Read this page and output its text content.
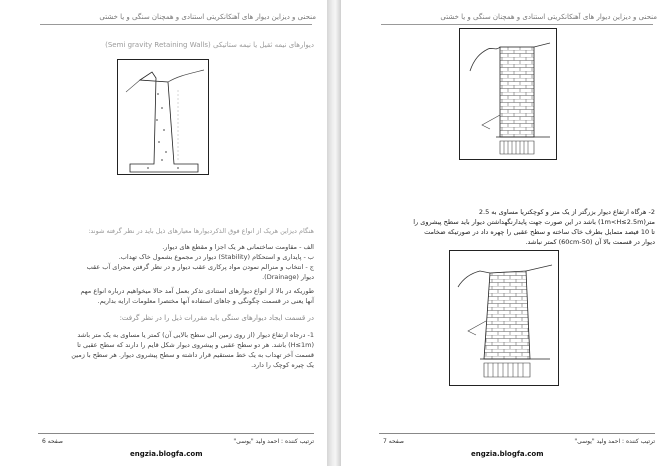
منحنی و دیزاین دیوار های آهنکانکریتی استنادی و همچنان سنگی و یا خشتی
دیوارهای نیمه ثقیل یا نیمه ستاتیکی (Semi gravity Retaining Walls)

هنگام دیزاین هریک از انواع فوق الذکردیوارها معیارهای ذیل باید در نظر گرفته شوند:

الف - مقاومت ساختمانی هر یک اجزا و مقطع های دیوار.

ب - پایداری و استحکام (Stability) دیوار در مجموع بشمول خاک تهداب.

ج - انتخاب و منرالم نمودن مواد پرکاری عقب دیوار و در نظر گرفتن مجرای آب عقب

دیوار (Drainage).

طوریکه در بالا از انواع دیوارهای استنادی تذکر بعمل آمد حالا میخواهیم درباره انواع مهم

آنها یعنی در قسمت چگونگی و جاهای استفاده آنها مختصرا معلومات ارایه بداریم.

در قسمت ایجاد دیوارهای سنگی باید مقررات ذیل را در نظر گرفت:

1- درجاه ارتفاع دیوار (از روی زمین الی سطح بالایی آن) کمتر یا مساوی به یک متر باشد

(H≤1m) باشد. هر دو سطح عقبی و پیشروی دیوار شکل قایم را دارند که سطح عقبی تا

قسمت آخر تهداب به یک خط مستقیم قرار داشته و سطح پیشروی دیوار. هر سطح با زمین

یک چیره کوچک را دارد.

صفحه 6	ترتیب کننده : احمد ولید "یوسی"
engzia.blogfa.com
منحنی و دیزاین دیوار های آهنکانکریتی استنادی و همچنان سنگی و یا خشتی

2- هرگاه ارتفاع دیوار بزرگتر از یک متر و کوچکتریا مساوی به 2.5

متر(1m<H≤2.5m) باشد در این صورت جهت پایدارنگهداشتن دیوار باید سطح پیشروی را

تا 10 فیصد متمایل بطرف خاک ساخته و سطح عقبی را چهره داد در صورتیکه ضخامت

دیوار در قسمت بالا آن (50-60cm) کمتر نباشد.

صفحه 7	ترتیب کننده : احمد ولید "یوسی"
engzia.blogfa.com
